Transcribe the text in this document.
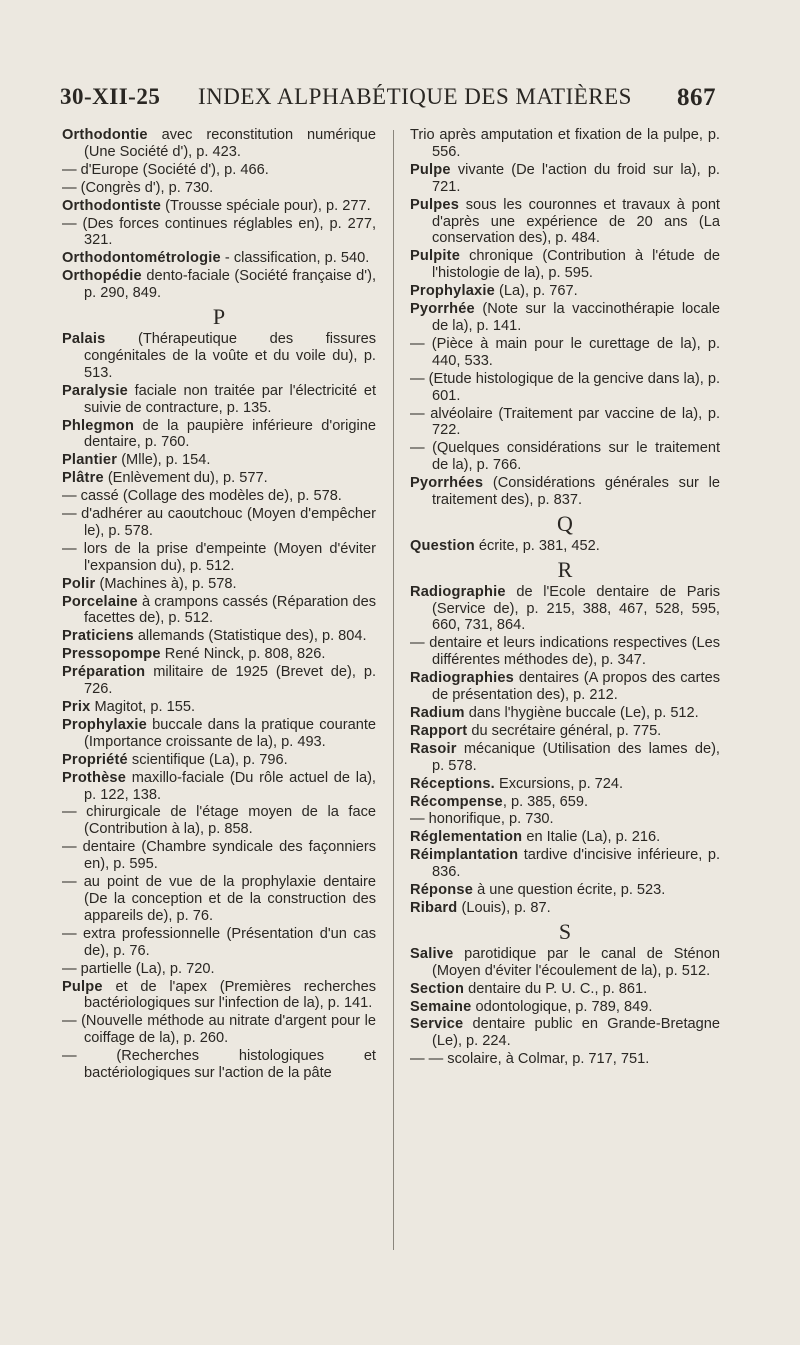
30-XII-25 INDEX ALPHABÉTIQUE DES MATIÈRES 867
Orthodontie avec reconstitution numérique (Une Société d'), p. 423.
— d'Europe (Société d'), p. 466.
— (Congrès d'), p. 730.
Orthodontiste (Trousse spéciale pour), p. 277.
— (Des forces continues réglables en), p. 277, 321.
Orthodontométrologie - classification, p. 540.
Orthopédie dento-faciale (Société française d'), p. 290, 849.
P
Palais (Thérapeutique des fissures congénitales de la voûte et du voile du), p. 513.
Paralysie faciale non traitée par l'électricité et suivie de contracture, p. 135.
Phlegmon de la paupière inférieure d'origine dentaire, p. 760.
Plantier (Mlle), p. 154.
Plâtre (Enlèvement du), p. 577.
— cassé (Collage des modèles de), p. 578.
— d'adhérer au caoutchouc (Moyen d'empêcher le), p. 578.
— lors de la prise d'empeinte (Moyen d'éviter l'expansion du), p. 512.
Polir (Machines à), p. 578.
Porcelaine à crampons cassés (Réparation des facettes de), p. 512.
Praticiens allemands (Statistique des), p. 804.
Pressopompe René Ninck, p. 808, 826.
Préparation militaire de 1925 (Brevet de), p. 726.
Prix Magitot, p. 155.
Prophylaxie buccale dans la pratique courante (Importance croissante de la), p. 493.
Propriété scientifique (La), p. 796.
Prothèse maxillo-faciale (Du rôle actuel de la), p. 122, 138.
— chirurgicale de l'étage moyen de la face (Contribution à la), p. 858.
— dentaire (Chambre syndicale des façonniers en), p. 595.
— au point de vue de la prophylaxie dentaire (De la conception et de la construction des appareils de), p. 76.
— extra professionnelle (Présentation d'un cas de), p. 76.
— partielle (La), p. 720.
Pulpe et de l'apex (Premières recherches bactériologiques sur l'infection de la), p. 141.
— (Nouvelle méthode au nitrate d'argent pour le coiffage de la), p. 260.
— (Recherches histologiques et bactériologiques sur l'action de la pâte
Trio après amputation et fixation de la pulpe, p. 556.
Pulpe vivante (De l'action du froid sur la), p. 721.
Pulpes sous les couronnes et travaux à pont d'après une expérience de 20 ans (La conservation des), p. 484.
Pulpite chronique (Contribution à l'étude de l'histologie de la), p. 595.
Prophylaxie (La), p. 767.
Pyorrhée (Note sur la vaccinothérapie locale de la), p. 141.
— (Pièce à main pour le curettage de la), p. 440, 533.
— (Etude histologique de la gencive dans la), p. 601.
— alvéolaire (Traitement par vaccine de la), p. 722.
— (Quelques considérations sur le traitement de la), p. 766.
Pyorrhées (Considérations générales sur le traitement des), p. 837.
Q
Question écrite, p. 381, 452.
R
Radiographie de l'Ecole dentaire de Paris (Service de), p. 215, 388, 467, 528, 595, 660, 731, 864.
— dentaire et leurs indications respectives (Les différentes méthodes de), p. 347.
Radiographies dentaires (A propos des cartes de présentation des), p. 212.
Radium dans l'hygiène buccale (Le), p. 512.
Rapport du secrétaire général, p. 775.
Rasoir mécanique (Utilisation des lames de), p. 578.
Réceptions. Excursions, p. 724.
Récompense, p. 385, 659.
— honorifique, p. 730.
Réglementation en Italie (La), p. 216.
Réimplantation tardive d'incisive inférieure, p. 836.
Réponse à une question écrite, p. 523.
Ribard (Louis), p. 87.
S
Salive parotidique par le canal de Sténon (Moyen d'éviter l'écoulement de la), p. 512.
Section dentaire du P. U. C., p. 861.
Semaine odontologique, p. 789, 849.
Service dentaire public en Grande-Bretagne (Le), p. 224.
— — scolaire, à Colmar, p. 717, 751.
